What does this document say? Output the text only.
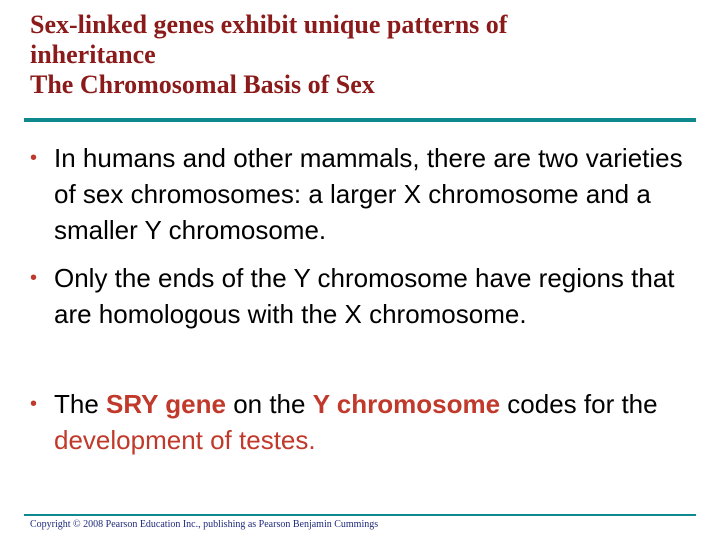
Sex-linked genes exhibit unique patterns of
inheritance
The Chromosomal Basis of Sex
• In humans and other mammals, there are two varieties of sex chromosomes: a larger X chromosome and a smaller Y chromosome.
• Only the ends of the Y chromosome have regions that are homologous with the X chromosome.
• The SRY gene on the Y chromosome codes for the development of testes.
Copyright © 2008 Pearson Education Inc., publishing as Pearson Benjamin Cummings
